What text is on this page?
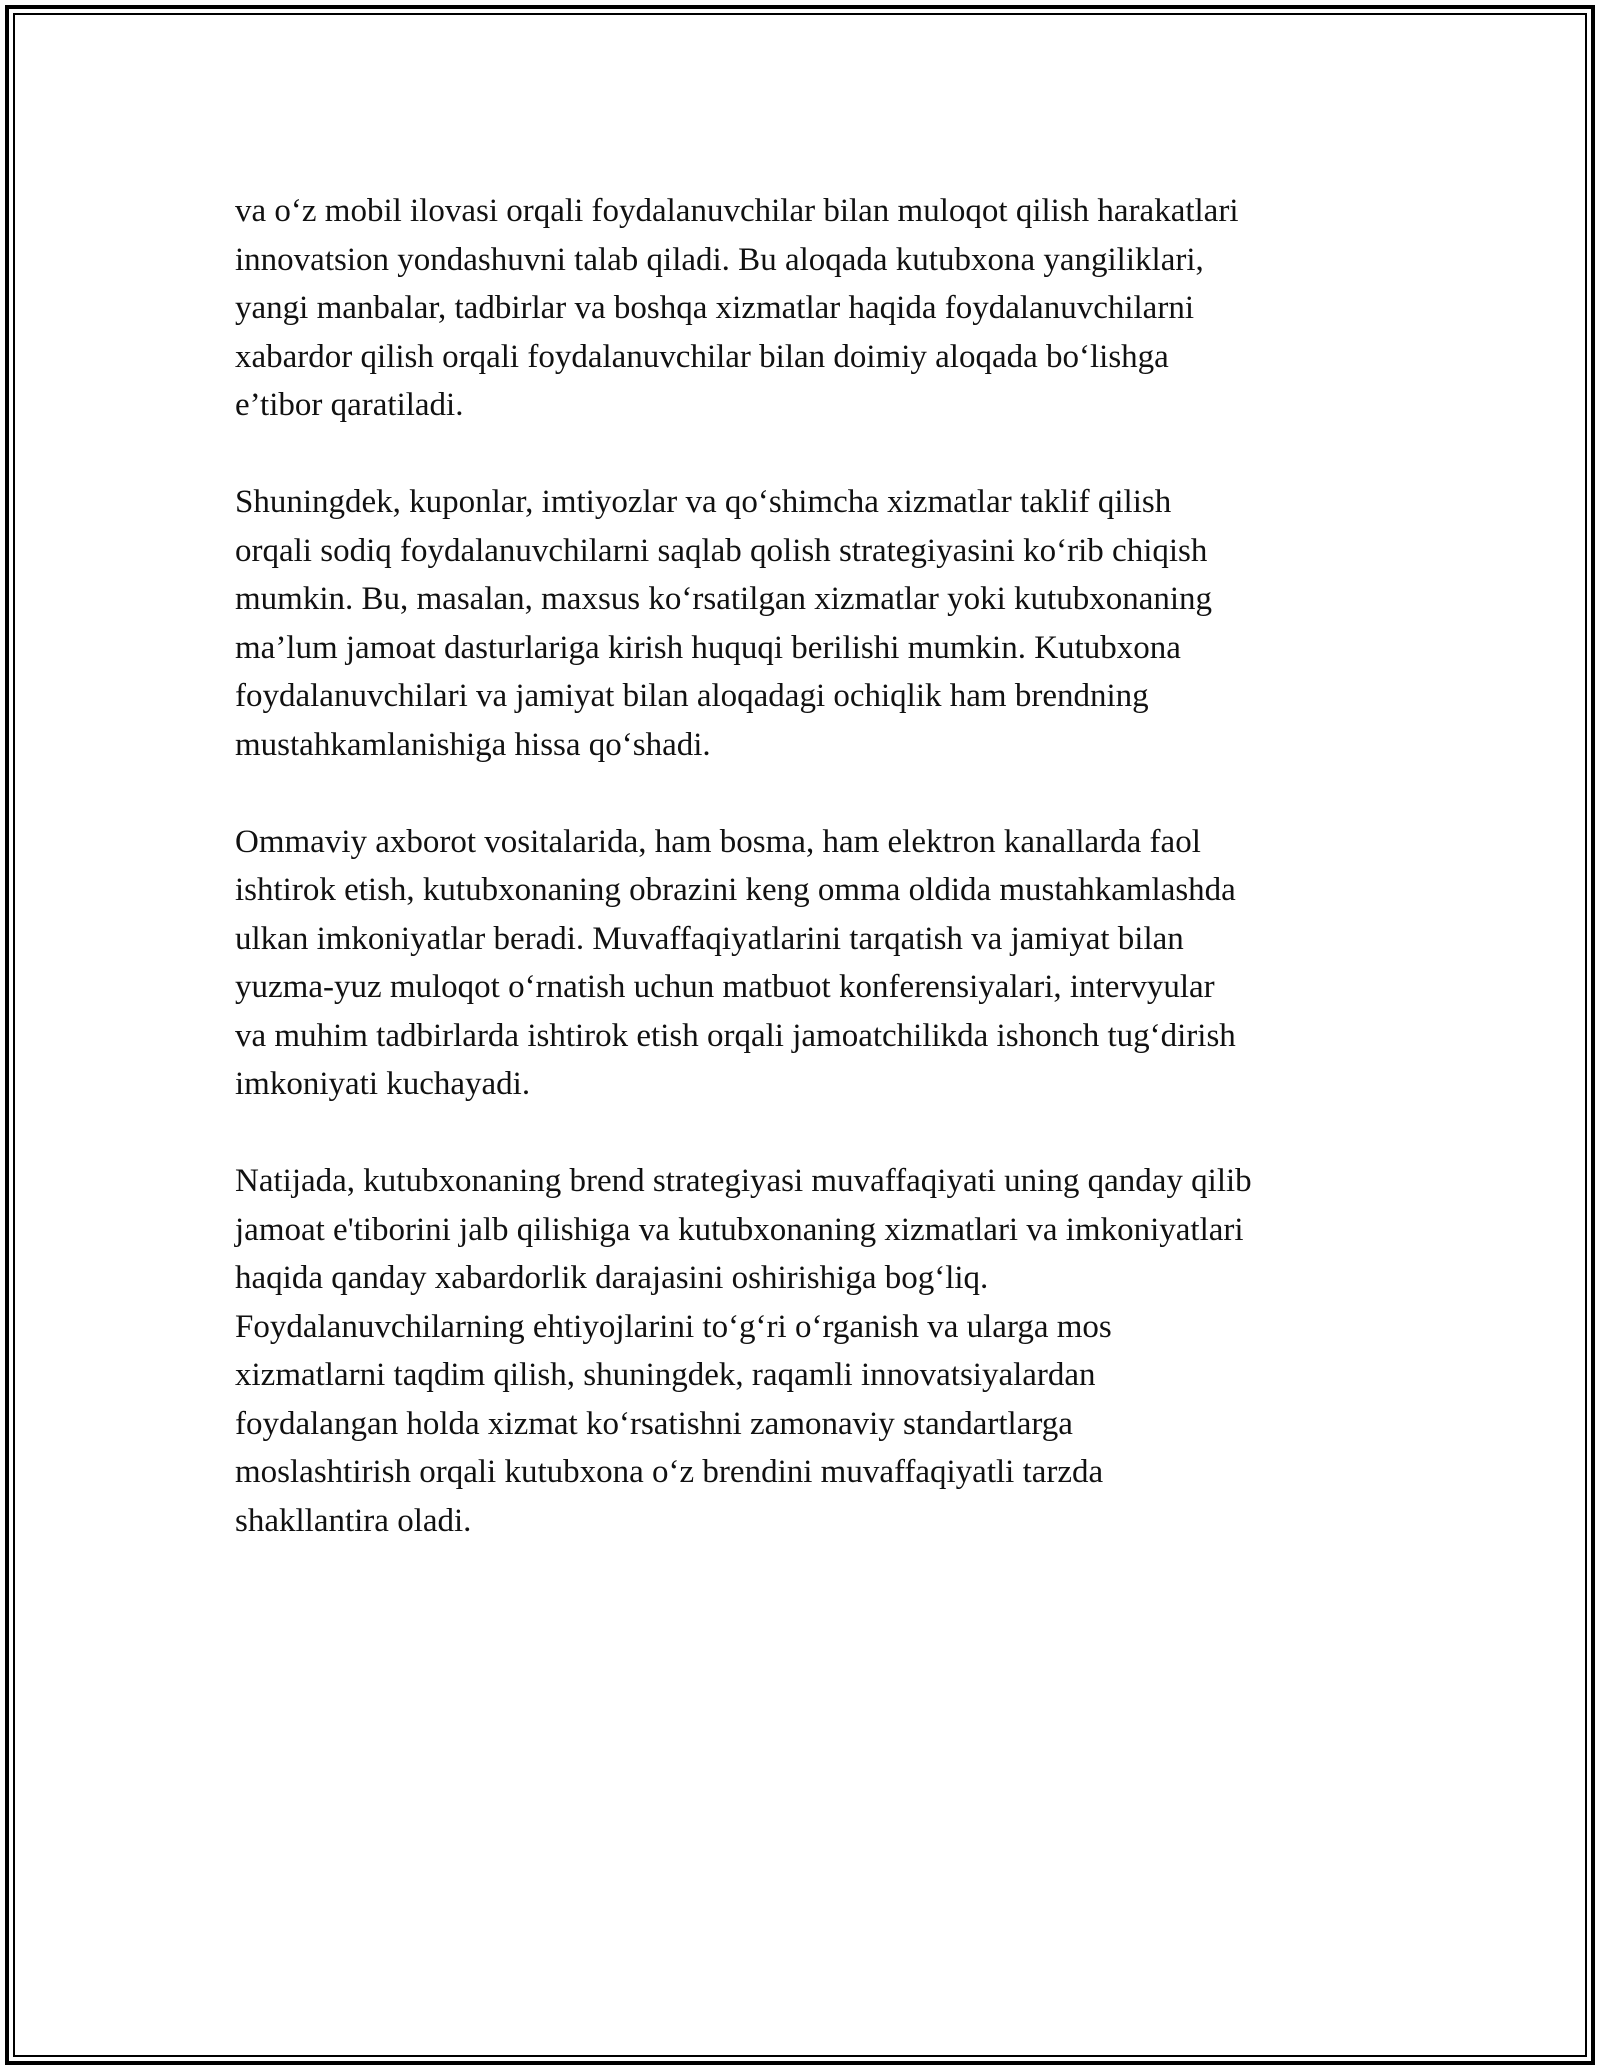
va o‘z mobil ilovasi orqali foydalanuvchilar bilan muloqot qilish harakatlari
innovatsion yondashuvni talab qiladi. Bu aloqada kutubxona yangiliklari,
yangi manbalar, tadbirlar va boshqa xizmatlar haqida foydalanuvchilarni
xabardor qilish orqali foydalanuvchilar bilan doimiy aloqada bo‘lishga
e’tibor qaratiladi.

Shuningdek, kuponlar, imtiyozlar va qo‘shimcha xizmatlar taklif qilish
orqali sodiq foydalanuvchilarni saqlab qolish strategiyasini ko‘rib chiqish
mumkin. Bu, masalan, maxsus ko‘rsatilgan xizmatlar yoki kutubxonaning
ma’lum jamoat dasturlariga kirish huquqi berilishi mumkin. Kutubxona
foydalanuvchilari va jamiyat bilan aloqadagi ochiqlik ham brendning
mustahkamlanishiga hissa qo‘shadi.

Ommaviy axborot vositalarida, ham bosma, ham elektron kanallarda faol
ishtirok etish, kutubxonaning obrazini keng omma oldida mustahkamlashda
ulkan imkoniyatlar beradi. Muvaffaqiyatlarini tarqatish va jamiyat bilan
yuzma-yuz muloqot o‘rnatish uchun matbuot konferensiyalari, intervyular
va muhim tadbirlarda ishtirok etish orqali jamoatchilikda ishonch tug‘dirish
imkoniyati kuchayadi.

Natijada, kutubxonaning brend strategiyasi muvaffaqiyati uning qanday qilib
jamoat e'tiborini jalb qilishiga va kutubxonaning xizmatlari va imkoniyatlari
haqida qanday xabardorlik darajasini oshirishiga bog‘liq.
Foydalanuvchilarning ehtiyojlarini to‘g‘ri o‘rganish va ularga mos
xizmatlarni taqdim qilish, shuningdek, raqamli innovatsiyalardan
foydalangan holda xizmat ko‘rsatishni zamonaviy standartlarga
moslashtirish orqali kutubxona o‘z brendini muvaffaqiyatli tarzda
shakllantira oladi.
